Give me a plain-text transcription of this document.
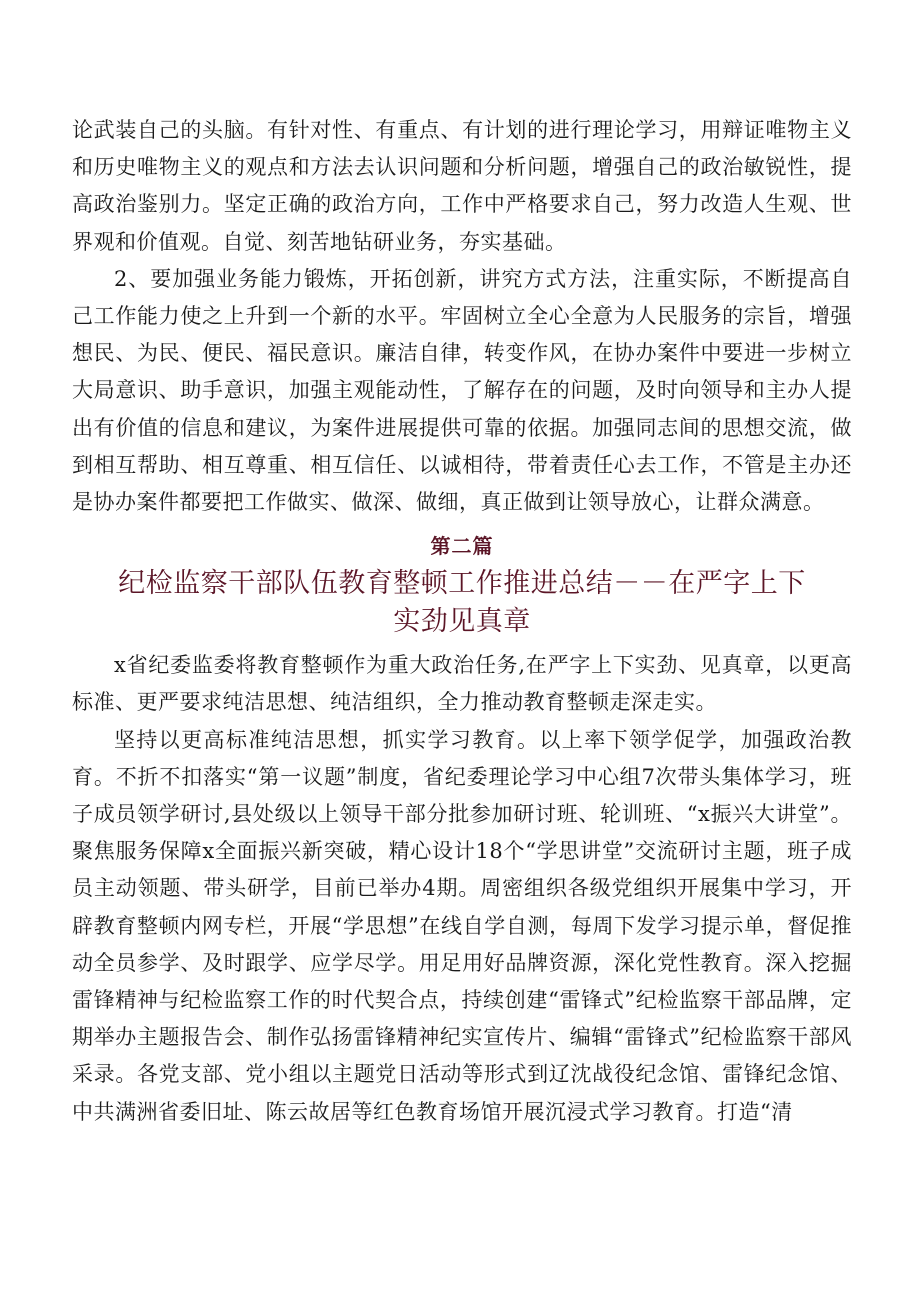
论武装自己的头脑。有针对性、有重点、有计划的进行理论学习，用辩证唯物主义和历史唯物主义的观点和方法去认识问题和分析问题，增强自己的政治敏锐性，提高政治鉴别力。坚定正确的政治方向，工作中严格要求自己，努力改造人生观、世界观和价值观。自觉、刻苦地钻研业务，夯实基础。

2、要加强业务能力锻炼，开拓创新，讲究方式方法，注重实际，不断提高自己工作能力使之上升到一个新的水平。牢固树立全心全意为人民服务的宗旨，增强想民、为民、便民、福民意识。廉洁自律，转变作风，在协办案件中要进一步树立大局意识、助手意识，加强主观能动性，了解存在的问题，及时向领导和主办人提出有价值的信息和建议，为案件进展提供可靠的依据。加强同志间的思想交流，做到相互帮助、相互尊重、相互信任、以诚相待，带着责任心去工作，不管是主办还是协办案件都要把工作做实、做深、做细，真正做到让领导放心，让群众满意。

第二篇
纪检监察干部队伍教育整顿工作推进总结－－在严字上下实劲见真章

x省纪委监委将教育整顿作为重大政治任务,在严字上下实劲、见真章，以更高标准、更严要求纯洁思想、纯洁组织，全力推动教育整顿走深走实。

坚持以更高标准纯洁思想，抓实学习教育。以上率下领学促学，加强政治教育。不折不扣落实“第一议题”制度，省纪委理论学习中心组7次带头集体学习，班子成员领学研讨,县处级以上领导干部分批参加研讨班、轮训班、“x振兴大讲堂”。聚焦服务保障x全面振兴新突破，精心设计18个“学思讲堂”交流研讨主题，班子成员主动领题、带头研学，目前已举办4期。周密组织各级党组织开展集中学习，开辟教育整顿内网专栏，开展“学思想”在线自学自测，每周下发学习提示单，督促推动全员参学、及时跟学、应学尽学。用足用好品牌资源，深化党性教育。深入挖掘雷锋精神与纪检监察工作的时代契合点，持续创建“雷锋式”纪检监察干部品牌，定期举办主题报告会、制作弘扬雷锋精神纪实宣传片、编辑“雷锋式”纪检监察干部风采录。各党支部、党小组以主题党日活动等形式到辽沈战役纪念馆、雷锋纪念馆、中共满洲省委旧址、陈云故居等红色教育场馆开展沉浸式学习教育。打造“清
